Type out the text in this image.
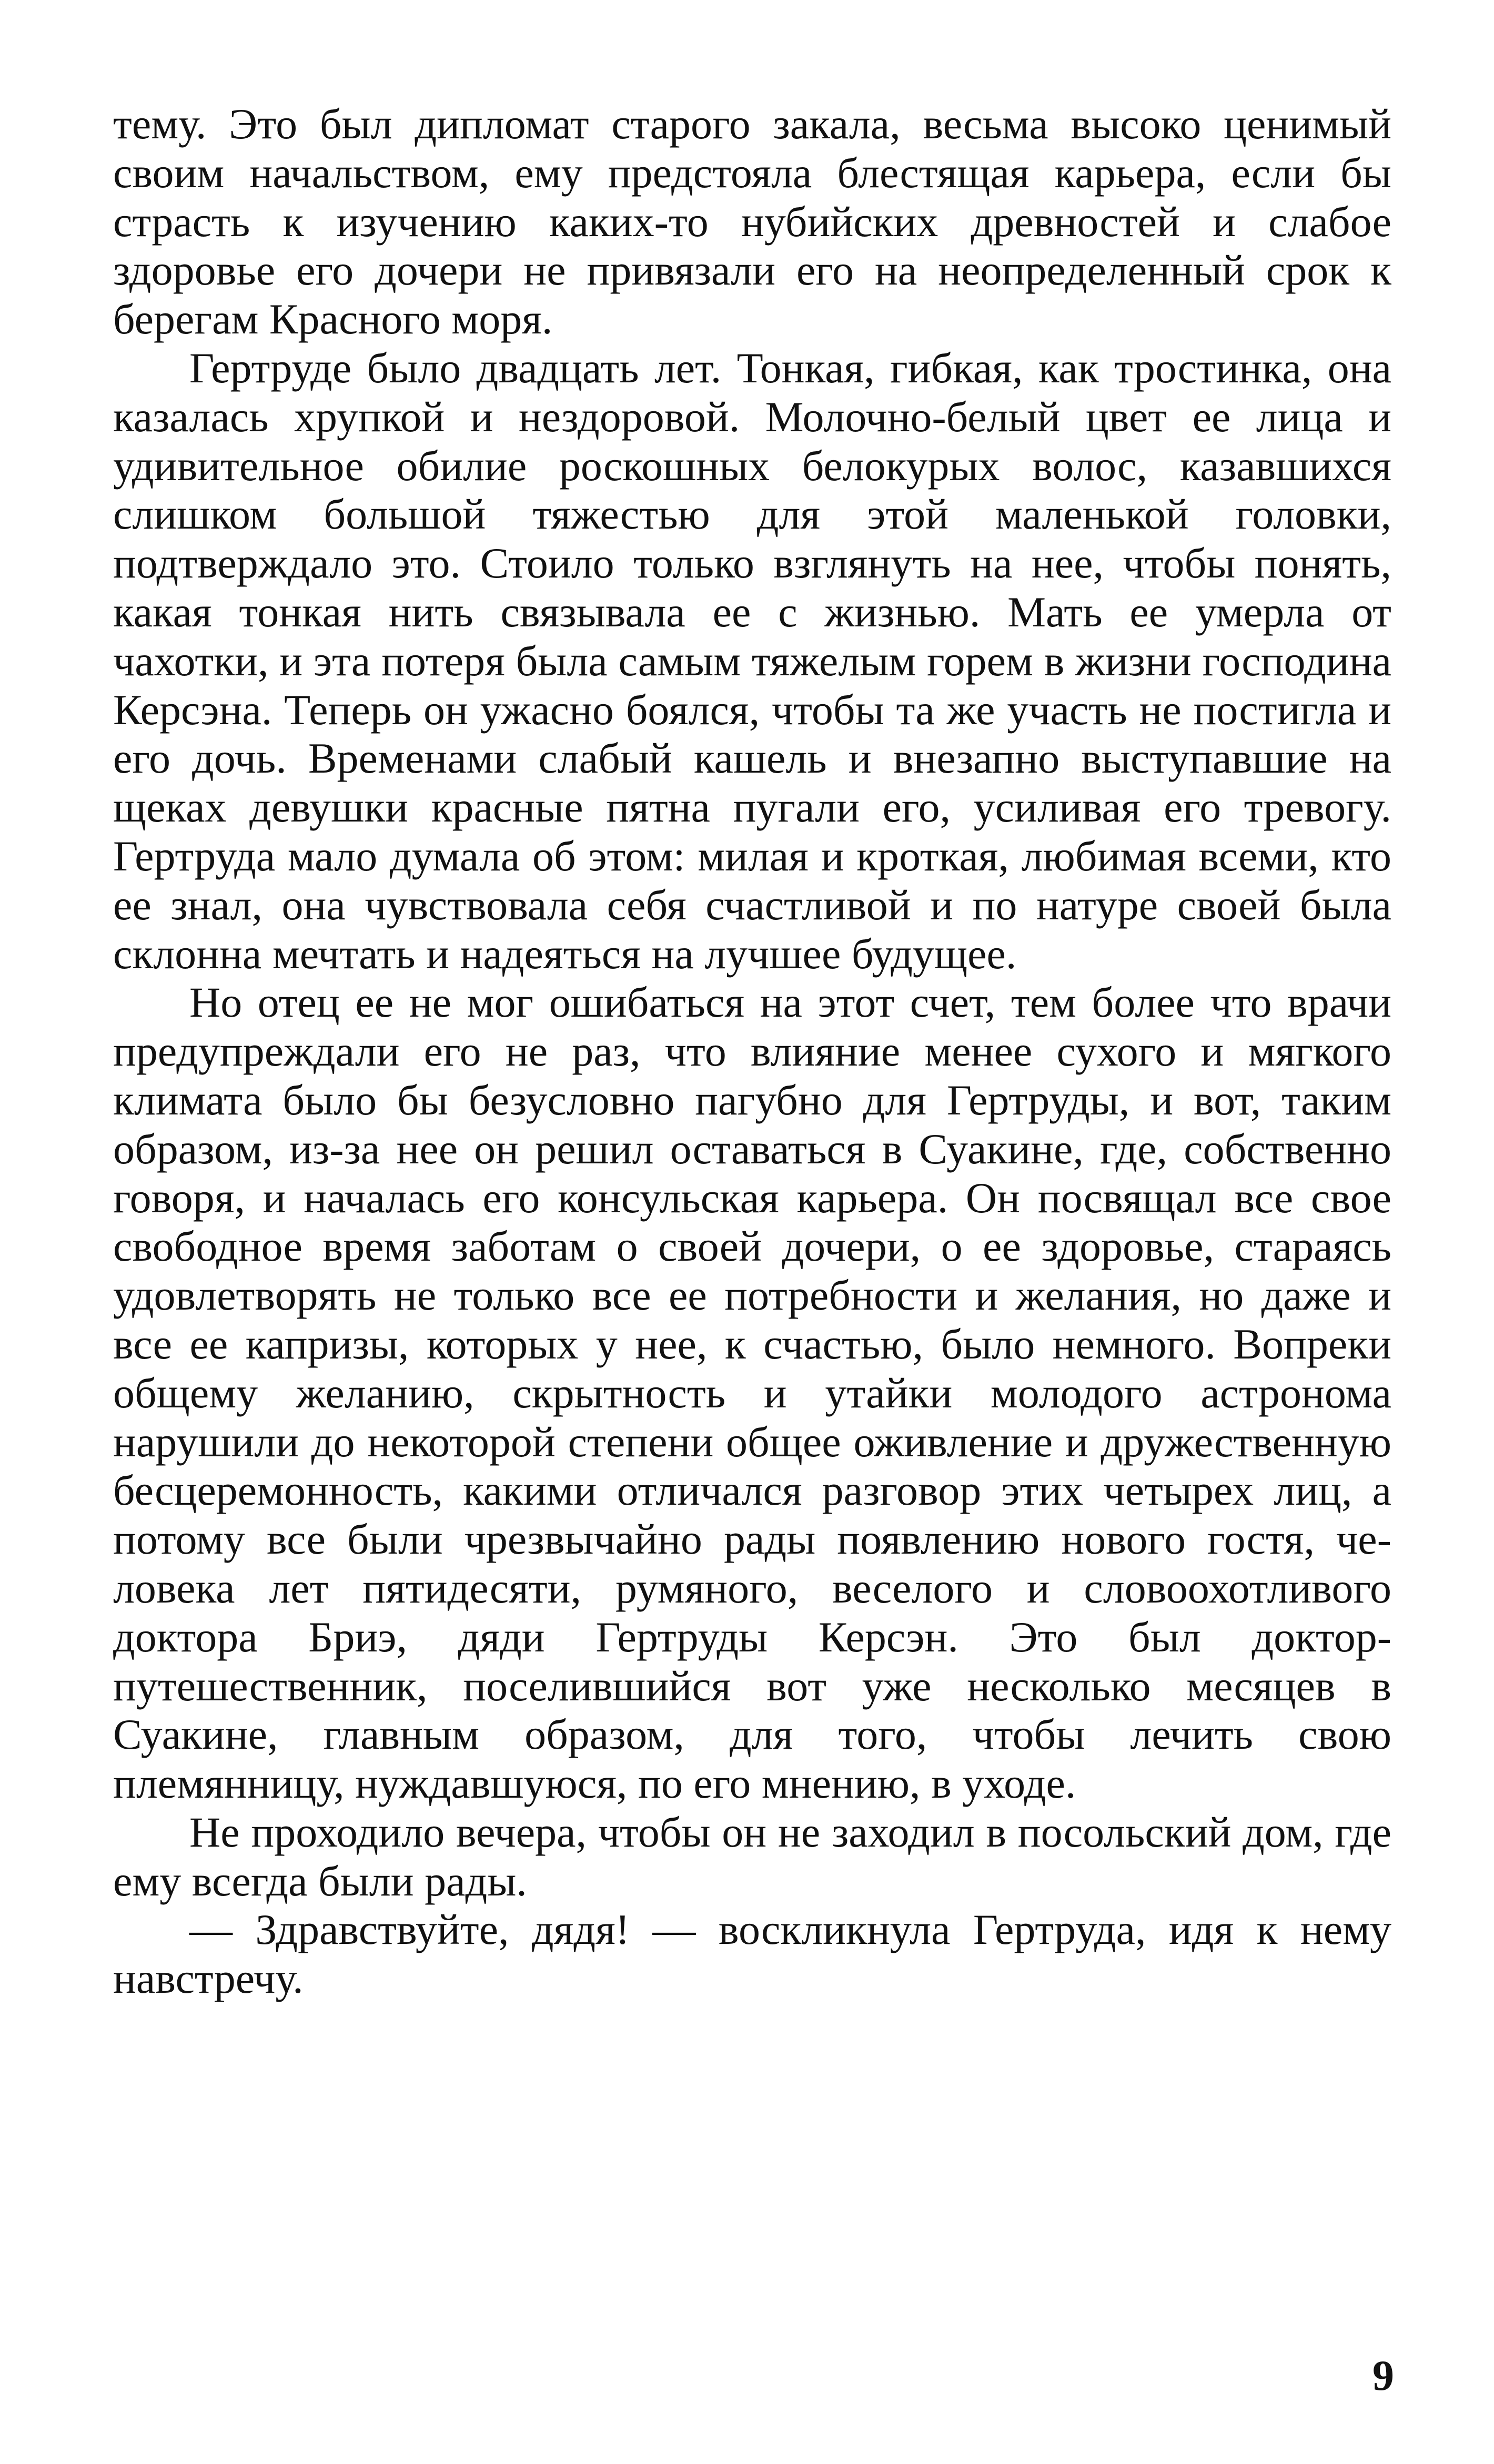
тему. Это был дипломат старого закала, весьма высоко ценимый своим начальством, ему предстояла блестящая карьера, если бы страсть к изучению каких-то нубийских древностей и слабое здоровье его дочери не привязали его на неопределенный срок к берегам Красного моря.

Гертруде было двадцать лет. Тонкая, гибкая, как тростинка, она казалась хрупкой и нездоровой. Молочно-белый цвет ее лица и удивительное обилие роскошных белокурых волос, казавшихся слишком большой тяжестью для этой маленькой головки, подтверждало это. Стоило только взглянуть на нее, чтобы понять, какая тонкая нить связывала ее с жизнью. Мать ее умерла от чахотки, и эта потеря была самым тяжелым горем в жизни господина Керсэна. Теперь он ужасно боялся, чтобы та же участь не постигла и его дочь. Временами слабый кашель и внезапно выступавшие на щеках девушки красные пятна пугали его, усиливая его тревогу. Гертруда мало думала об этом: милая и кроткая, любимая всеми, кто ее знал, она чувствовала себя счастливой и по натуре своей была склонна мечтать и надеяться на лучшее будущее.

Но отец ее не мог ошибаться на этот счет, тем более что врачи предупреждали его не раз, что влияние менее сухого и мягкого климата было бы безусловно пагубно для Гертруды, и вот, таким образом, из-за нее он решил оставаться в Суакине, где, собственно говоря, и началась его консульская карьера. Он посвящал все свое свободное время заботам о своей дочери, о ее здоровье, стараясь удовлетворять не только все ее потребности и желания, но даже и все ее капризы, которых у нее, к счастью, было немного. Вопреки общему желанию, скрытность и утайки молодого астронома нарушили до некоторой степени общее оживление и дружественную бесцеремонность, какими отличался разговор этих четырех лиц, а потому все были чрезвычайно рады появлению нового гостя, человека лет пятидесяти, румяного, веселого и словоохотливого доктора Бриэ, дяди Гертруды Керсэн. Это был доктор-путешественник, поселившийся вот уже несколько месяцев в Суакине, главным образом, для того, чтобы лечить свою племянницу, нуждавшуюся, по его мнению, в уходе.

Не проходило вечера, чтобы он не заходил в посольский дом, где ему всегда были рады.

— Здравствуйте, дядя! — воскликнула Гертруда, идя к нему навстречу.

9
